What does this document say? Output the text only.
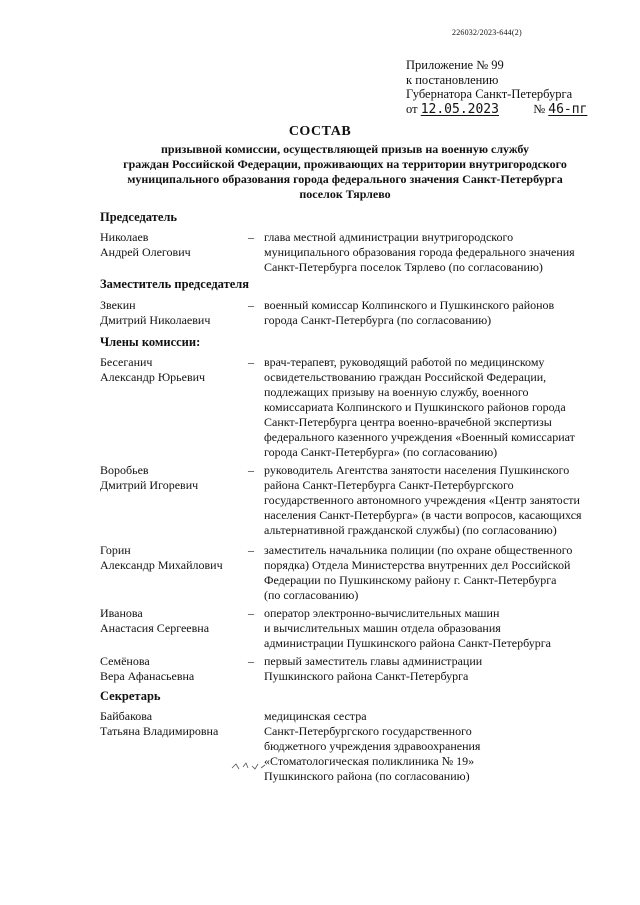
226032/2023-644(2)
Приложение № 99
к постановлению
Губернатора Санкт-Петербурга
от 12.05.2023	№ 46-пг
СОСТАВ
призывной комиссии, осуществляющей призыв на военную службу
граждан Российской Федерации, проживающих на территории внутригородского
муниципального образования города федерального значения Санкт-Петербурга
поселок Тярлево
Председатель
Николаев
Андрей Олегович
– глава местной администрации внутригородского
муниципального образования города федерального значения
Санкт-Петербурга поселок Тярлево (по согласованию)
Заместитель председателя
Звекин
Дмитрий Николаевич
– военный комиссар Колпинского и Пушкинского районов
города Санкт-Петербурга (по согласованию)
Члены комиссии:
Бесеганич
Александр Юрьевич
– врач-терапевт, руководящий работой по медицинскому
освидетельствованию граждан Российской Федерации,
подлежащих призыву на военную службу, военного
комиссариата Колпинского и Пушкинского районов города
Санкт-Петербурга центра военно-врачебной экспертизы
федерального казенного учреждения «Военный комиссариат
города Санкт-Петербурга» (по согласованию)
Воробьев
Дмитрий Игоревич
– руководитель Агентства занятости населения Пушкинского
района Санкт-Петербурга Санкт-Петербургского
государственного автономного учреждения «Центр занятости
населения Санкт-Петербурга» (в части вопросов, касающихся
альтернативной гражданской службы) (по согласованию)
Горин
Александр Михайлович
– заместитель начальника полиции (по охране общественного
порядка) Отдела Министерства внутренних дел Российской
Федерации по Пушкинскому району г. Санкт-Петербурга
(по согласованию)
Иванова
Анастасия Сергеевна
– оператор электронно-вычислительных машин
и вычислительных машин отдела образования
администрации Пушкинского района Санкт-Петербурга
Семёнова
Вера Афанасьевна
– первый заместитель главы администрации
Пушкинского района Санкт-Петербурга
Секретарь
Байбакова
Татьяна Владимировна
медицинская сестра
Санкт-Петербургского государственного
бюджетного учреждения здравоохранения
«Стоматологическая поликлиника № 19»
Пушкинского района (по согласованию)
